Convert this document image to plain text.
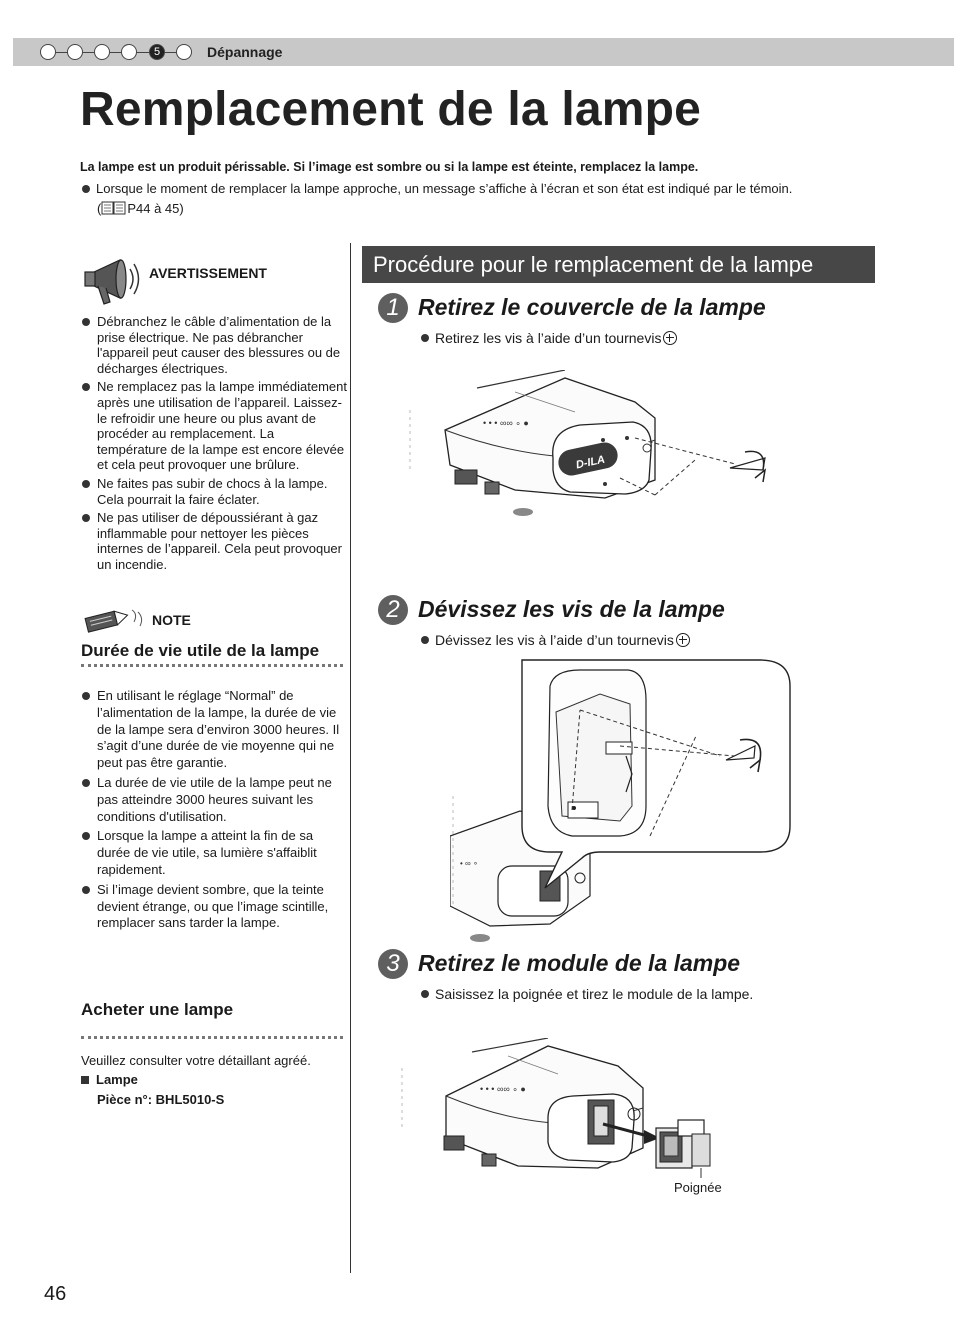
5	Dépannage
Remplacement de la lampe
La lampe est un produit périssable. Si l’image est sombre ou si la lampe est éteinte, remplacez la lampe.
Lorsque le moment de remplacer la lampe approche, un message s’affiche à l’écran et son état est indiqué par le témoin.
( P44 à 45)
AVERTISSEMENT
Débranchez le câble d’alimentation de la prise électrique. Ne pas débrancher l'appareil peut causer des blessures ou de décharges électriques.
Ne remplacez pas la lampe immédiatement après une utilisation de l’appareil. Laissez-le refroidir une heure ou plus avant de procéder au remplacement. La température de la lampe est encore élevée et cela peut provoquer une brûlure.
Ne faites pas subir de chocs à la lampe. Cela pourrait la faire éclater.
Ne pas utiliser de dépoussiérant à gaz inflammable pour nettoyer les pièces internes de l’appareil. Cela peut provoquer un incendie.
NOTE
Durée de vie utile de la lampe
En utilisant le réglage “Normal” de l’alimentation de la lampe, la durée de vie de la lampe sera d’environ 3000 heures. Il s’agit d’une durée de vie moyenne qui ne peut pas être garantie.
La durée de vie utile de la lampe peut ne pas atteindre 3000 heures suivant les conditions d'utilisation.
Lorsque la lampe a atteint la fin de sa durée de vie utile, sa lumière s'affaiblit rapidement.
Si l’image devient sombre, que la teinte devient étrange, ou que l’image scintille, remplacer sans tarder la lampe.
Acheter une lampe
Veuillez consulter votre détaillant agréé.
Lampe
Pièce n°: BHL5010-S
Procédure pour le remplacement de la lampe
1 Retirez le couvercle de la lampe
Retirez les vis à l’aide d’un tournevis
• • • ∞∞ ∘ ●
D-ILA
2 Dévissez les vis de la lampe
Dévissez les vis à l’aide d’un tournevis
• ∞ ∘
3 Retirez le module de la lampe
Saisissez la poignée et tirez le module de la lampe.
• • • ∞∞ ∘ ●
Poignée
46
